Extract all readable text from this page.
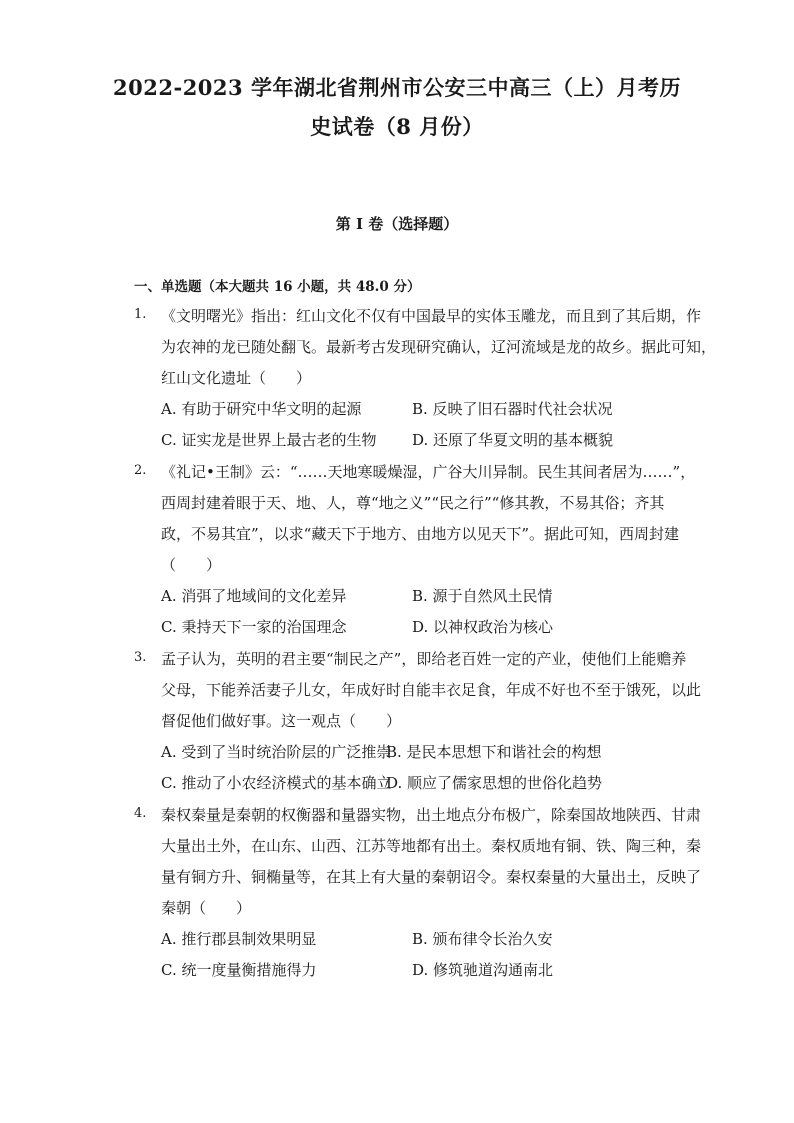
2022-2023 学年湖北省荆州市公安三中高三（上）月考历
史试卷（8 月份）
第 I 卷（选择题）
一、单选题（本大题共 16 小题，共 48.0 分）
1. 《文明曙光》指出：红山文化不仅有中国最早的实体玉雕龙，而且到了其后期，作
为农神的龙已随处翻飞。最新考古发现研究确认，辽河流域是龙的故乡。据此可知，
红山文化遗址（　　）
A. 有助于研究中华文明的起源	B. 反映了旧石器时代社会状况
C. 证实龙是世界上最古老的生物 D. 还原了华夏文明的基本概貌
2. 《礼记•王制》云：“……天地寒暖燥湿，广谷大川异制。民生其间者居为……”，
西周封建着眼于天、地、人，尊“地之义”“民之行”“修其教，不易其俗；齐其
政，不易其宜”，以求“藏天下于地方、由地方以见天下”。据此可知，西周封建
（　　）
A. 消弭了地域间的文化差异	B. 源于自然风土民情
C. 秉持天下一家的治国理念	D. 以神权政治为核心
3. 孟子认为，英明的君主要“制民之产”，即给老百姓一定的产业，使他们上能赡养
父母，下能养活妻子儿女，年成好时自能丰衣足食，年成不好也不至于饿死，以此
督促他们做好事。这一观点（　　）
A. 受到了当时统治阶层的广泛推崇
B. 是民本思想下和谐社会的构想
C. 推动了小农经济模式的基本确立
D. 顺应了儒家思想的世俗化趋势
4. 秦权秦量是秦朝的权衡器和量器实物，出土地点分布极广，除秦国故地陕西、甘肃
大量出土外，在山东、山西、江苏等地都有出土。秦权质地有铜、铁、陶三种，秦
量有铜方升、铜椭量等，在其上有大量的秦朝诏令。秦权秦量的大量出土，反映了
秦朝（　　）
A. 推行郡县制效果明显	B. 颁布律令长治久安
C. 统一度量衡措施得力	D. 修筑驰道沟通南北
